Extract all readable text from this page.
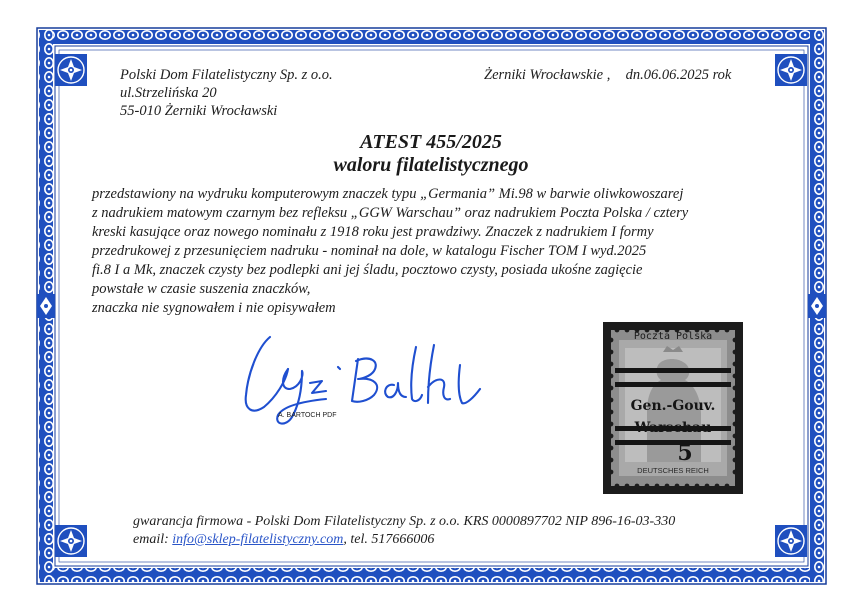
Polski Dom Filatelistyczny Sp. z o.o.
ul.Strzelińska 20
55-010 Żerniki Wrocławski
Żerniki Wrocławskie , dn.06.06.2025 rok
ATEST 455/2025
waloru filatelistycznego
przedstawiony na wydruku komputerowym znaczek typu „Germania” Mi.98 w barwie oliwkowoszarej
z nadrukiem matowym czarnym bez refleksu „GGW Warschau” oraz nadrukiem Poczta Polska / cztery
kreski kasujące oraz nowego nominału z 1918 roku jest prawdziwy. Znaczek z nadrukiem I formy
przedrukowej z przesunięciem nadruku - nominał na dole, w katalogu Fischer TOM I wyd.2025
fi.8 I a Mk, znaczek czysty bez podlepki ani jej śladu, pocztowo czysty, posiada ukośne zagięcie
powstałe w czasie suszenia znaczków,
znaczka nie sygnowałem i nie opisywałem
A. BARTOCH PDF
Poczta Polska
Gen.-Gouv.
Warschau
5
DEUTSCHES REICH
gwarancja firmowa - Polski Dom Filatelistyczny Sp. z o.o. KRS 0000897702 NIP 896-16-03-330
email: info@sklep-filatelistyczny.com, tel. 517666006
